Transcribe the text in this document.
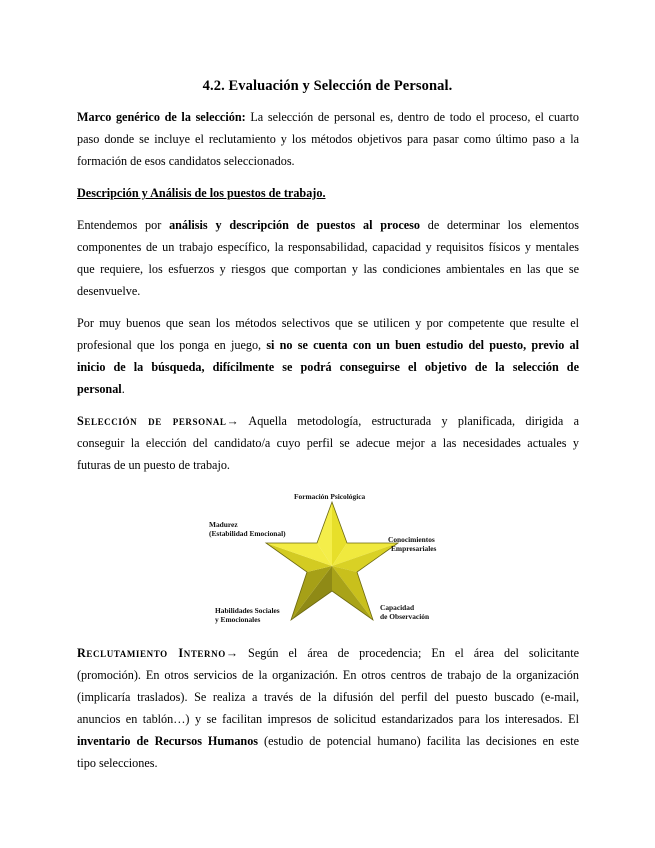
4.2. Evaluación y Selección de Personal.

Marco genérico de la selección: La selección de personal es, dentro de todo el proceso, el cuarto

paso donde se incluye el reclutamiento y los métodos objetivos para pasar como último paso a la

formación de esos candidatos seleccionados.

Descripción y Análisis de los puestos de trabajo.

Entendemos por análisis y descripción de puestos al proceso de determinar los elementos

componentes de un trabajo específico, la responsabilidad, capacidad y requisitos físicos y mentales

que requiere, los esfuerzos y riesgos que comportan y las condiciones ambientales en las que se

desenvuelve.

Por muy buenos que sean los métodos selectivos que se utilicen y por competente que resulte el

profesional que los ponga en juego, si no se cuenta con un buen estudio del puesto, previo al

inicio de la búsqueda, difícilmente se podrá conseguirse el objetivo de la selección de

personal.

Selección de personal→ Aquella metodología, estructurada y planificada, dirigida a

conseguir la elección del candidato/a cuyo perfil se adecue mejor a las necesidades actuales y

futuras de un puesto de trabajo.

Formación Psicológica
Madurez
(Estabilidad Emocional)
Conocimientos
Empresariales
Habilidades Sociales
y Emocionales
Capacidad
de Observación

Reclutamiento Interno→ Según el área de procedencia; En el área del solicitante

(promoción). En otros servicios de la organización. En otros centros de trabajo de la organización

(implicaría traslados). Se realiza a través de la difusión del perfil del puesto buscado (e-mail,

anuncios en tablón…) y se facilitan impresos de solicitud estandarizados para los interesados. El

inventario de Recursos Humanos (estudio de potencial humano) facilita las decisiones en este

tipo selecciones.
